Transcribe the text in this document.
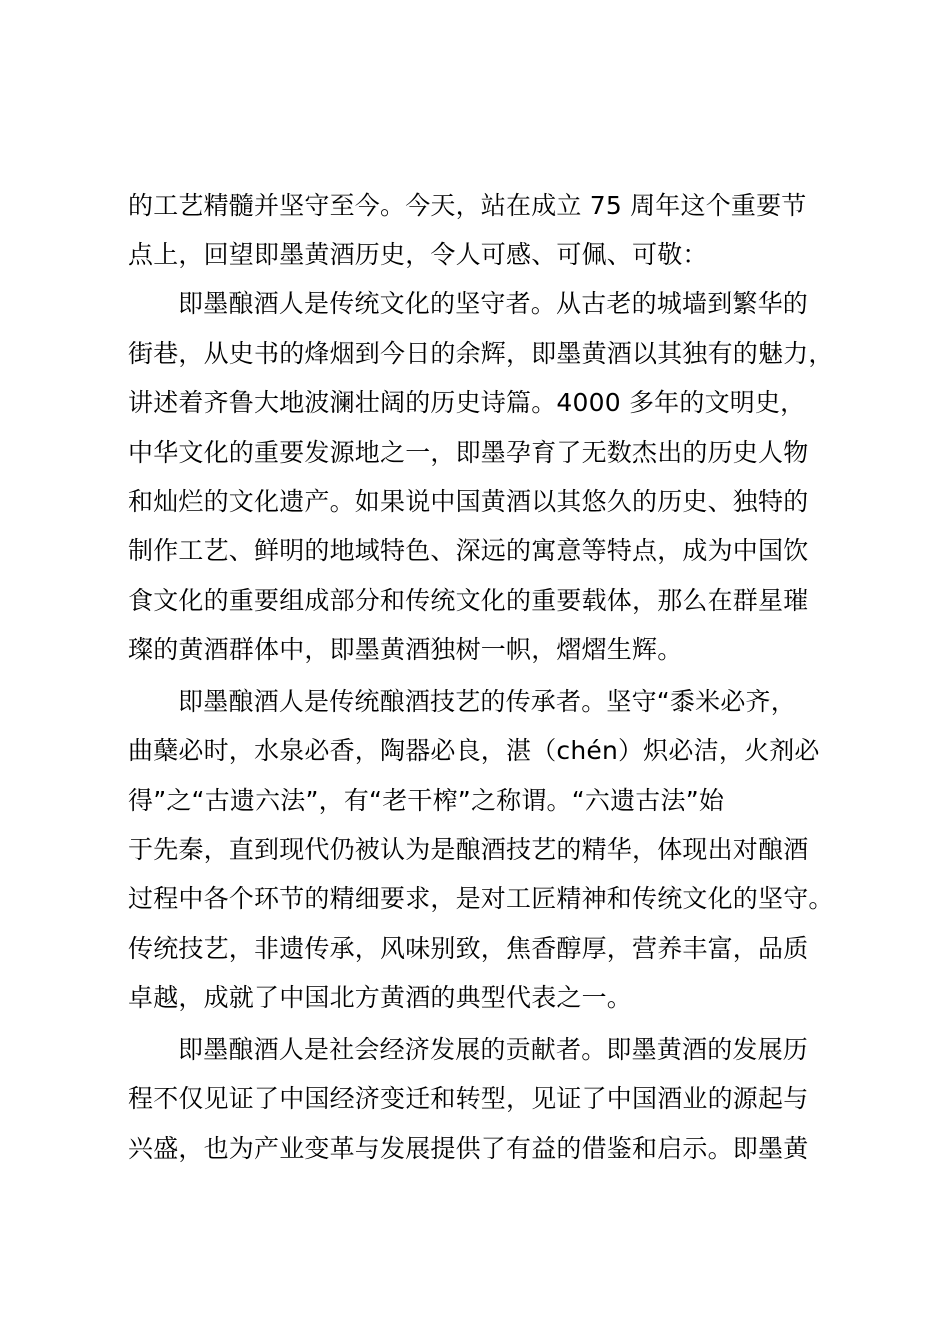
的工艺精髓并坚守至今。今天，站在成立 75 周年这个重要节
点上，回望即墨黄酒历史，令人可感、可佩、可敬：
即墨酿酒人是传统文化的坚守者。从古老的城墙到繁华的
街巷，从史书的烽烟到今日的余辉，即墨黄酒以其独有的魅力，
讲述着齐鲁大地波澜壮阔的历史诗篇。4000 多年的文明史，
中华文化的重要发源地之一，即墨孕育了无数杰出的历史人物
和灿烂的文化遗产。如果说中国黄酒以其悠久的历史、独特的
制作工艺、鲜明的地域特色、深远的寓意等特点，成为中国饮
食文化的重要组成部分和传统文化的重要载体，那么在群星璀
璨的黄酒群体中，即墨黄酒独树一帜，熠熠生辉。
即墨酿酒人是传统酿酒技艺的传承者。坚守“黍米必齐，
曲蘖必时，水泉必香，陶器必良，湛（chén）炽必洁，火剂必
得”之“古遗六法”，有“老干榨”之称谓。“六遗古法”始
于先秦，直到现代仍被认为是酿酒技艺的精华，体现出对酿酒
过程中各个环节的精细要求，是对工匠精神和传统文化的坚守。
传统技艺，非遗传承，风味别致，焦香醇厚，营养丰富，品质
卓越，成就了中国北方黄酒的典型代表之一。
即墨酿酒人是社会经济发展的贡献者。即墨黄酒的发展历
程不仅见证了中国经济变迁和转型，见证了中国酒业的源起与
兴盛，也为产业变革与发展提供了有益的借鉴和启示。即墨黄
